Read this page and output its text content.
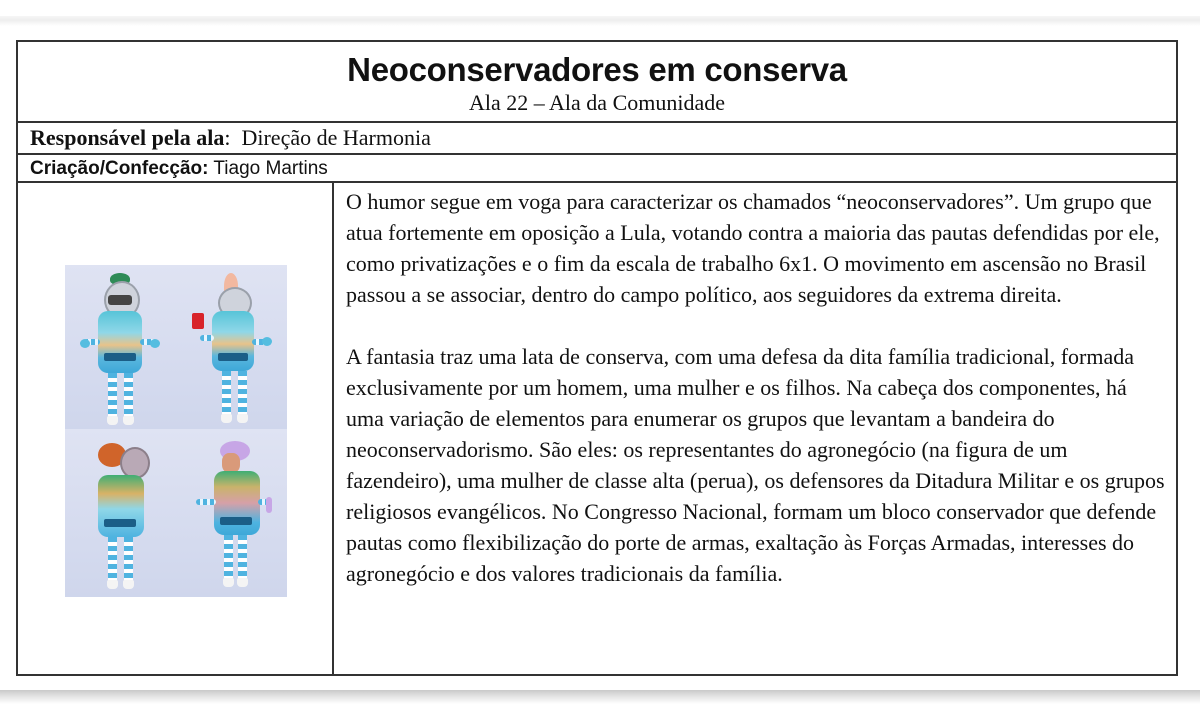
Neoconservadores em conserva
Ala 22 – Ala da Comunidade
Responsável pela ala: Direção de Harmonia
Criação/Confecção: Tiago Martins

O humor segue em voga para caracterizar os chamados “neoconservadores”. Um grupo que atua fortemente em oposição a Lula, votando contra a maioria das pautas defendidas por ele, como privatizações e o fim da escala de trabalho 6x1. O movimento em ascensão no Brasil passou a se associar, dentro do campo político, aos seguidores da extrema direita.

A fantasia traz uma lata de conserva, com uma defesa da dita família tradicional, formada exclusivamente por um homem, uma mulher e os filhos. Na cabeça dos componentes, há uma variação de elementos para enumerar os grupos que levantam a bandeira do neoconservadorismo. São eles: os representantes do agronegócio (na figura de um fazendeiro), uma mulher de classe alta (perua), os defensores da Ditadura Militar e os grupos religiosos evangélicos. No Congresso Nacional, formam um bloco conservador que defende pautas como flexibilização do porte de armas, exaltação às Forças Armadas, interesses do agronegócio e dos valores tradicionais da família.
